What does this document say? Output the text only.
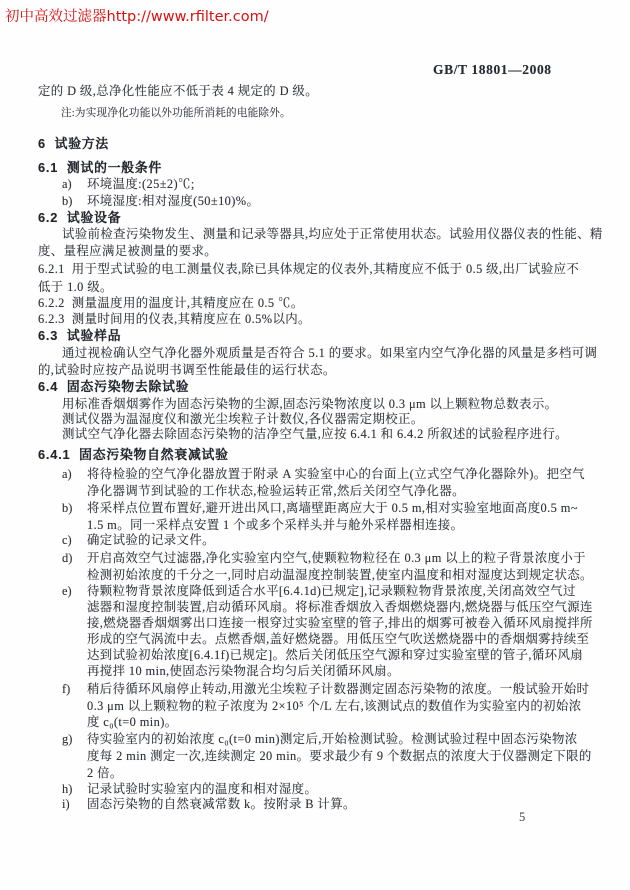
初中高效过滤器http://www.rfilter.com/
GB/T 18801—2008
定的 D 级,总净化性能应不低于表 4 规定的 D 级。
注:为实现净化功能以外功能所消耗的电能除外。
6  试验方法
6.1  测试的一般条件
a) 环境温度:(25±2)℃;
b) 环境湿度:相对湿度(50±10)%。
6.2  试验设备
试验前检查污染物发生、测量和记录等器具,均应处于正常使用状态。试验用仪器仪表的性能、精
度、量程应满足被测量的要求。
6.2.1  用于型式试验的电工测量仪表,除已具体规定的仪表外,其精度应不低于 0.5 级,出厂试验应不
低于 1.0 级。
6.2.2  测量温度用的温度计,其精度应在 0.5 ℃。
6.2.3  测量时间用的仪表,其精度应在 0.5%以内。
6.3  试验样品
通过视检确认空气净化器外观质量是否符合 5.1 的要求。如果室内空气净化器的风量是多档可调
的,试验时应按产品说明书调至性能最佳的运行状态。
6.4  固态污染物去除试验
用标准香烟烟雾作为固态污染物的尘源,固态污染物浓度以 0.3 μm 以上颗粒物总数表示。
测试仪器为温湿度仪和激光尘埃粒子计数仪,各仪器需定期校正。
测试空气净化器去除固态污染物的洁净空气量,应按 6.4.1 和 6.4.2 所叙述的试验程序进行。
6.4.1  固态污染物自然衰减试验
a) 将待检验的空气净化器放置于附录 A 实验室中心的台面上(立式空气净化器除外)。把空气
净化器调节到试验的工作状态,检验运转正常,然后关闭空气净化器。
b) 将采样点位置布置好,避开进出风口,离墙壁距离应大于 0.5 m,相对实验室地面高度0.5 m~
1.5 m。同一采样点安置 1 个或多个采样头并与舱外采样器相连接。
c) 确定试验的记录文件。
d) 开启高效空气过滤器,净化实验室内空气,使颗粒物粒径在 0.3 μm 以上的粒子背景浓度小于
检测初始浓度的千分之一,同时启动温湿度控制装置,使室内温度和相对湿度达到规定状态。
e) 待颗粒物背景浓度降低到适合水平[6.4.1d)已规定],记录颗粒物背景浓度,关闭高效空气过
滤器和湿度控制装置,启动循环风扇。将标准香烟放入香烟燃烧器内,燃烧器与低压空气源连
接,燃烧器香烟烟雾出口连接一根穿过实验室壁的管子,排出的烟雾可被卷入循环风扇搅拌所
形成的空气涡流中去。点燃香烟,盖好燃烧器。用低压空气吹送燃烧器中的香烟烟雾持续至
达到试验初始浓度[6.4.1f)已规定]。然后关闭低压空气源和穿过实验室壁的管子,循环风扇
再搅拌 10 min,使固态污染物混合均匀后关闭循环风扇。
f) 稍后待循环风扇停止转动,用激光尘埃粒子计数器测定固态污染物的浓度。一般试验开始时
0.3 μm 以上颗粒物的粒子浓度为 2×10⁵ 个/L 左右,该测试点的数值作为实验室内的初始浓
度 c₀(t=0 min)。
g) 待实验室内的初始浓度 c₀(t=0 min)测定后,开始检测试验。检测试验过程中固态污染物浓
度每 2 min 测定一次,连续测定 20 min。要求最少有 9 个数据点的浓度大于仪器测定下限的
2 倍。
h) 记录试验时实验室内的温度和相对湿度。
i) 固态污染物的自然衰减常数 k。按附录 B 计算。
5
